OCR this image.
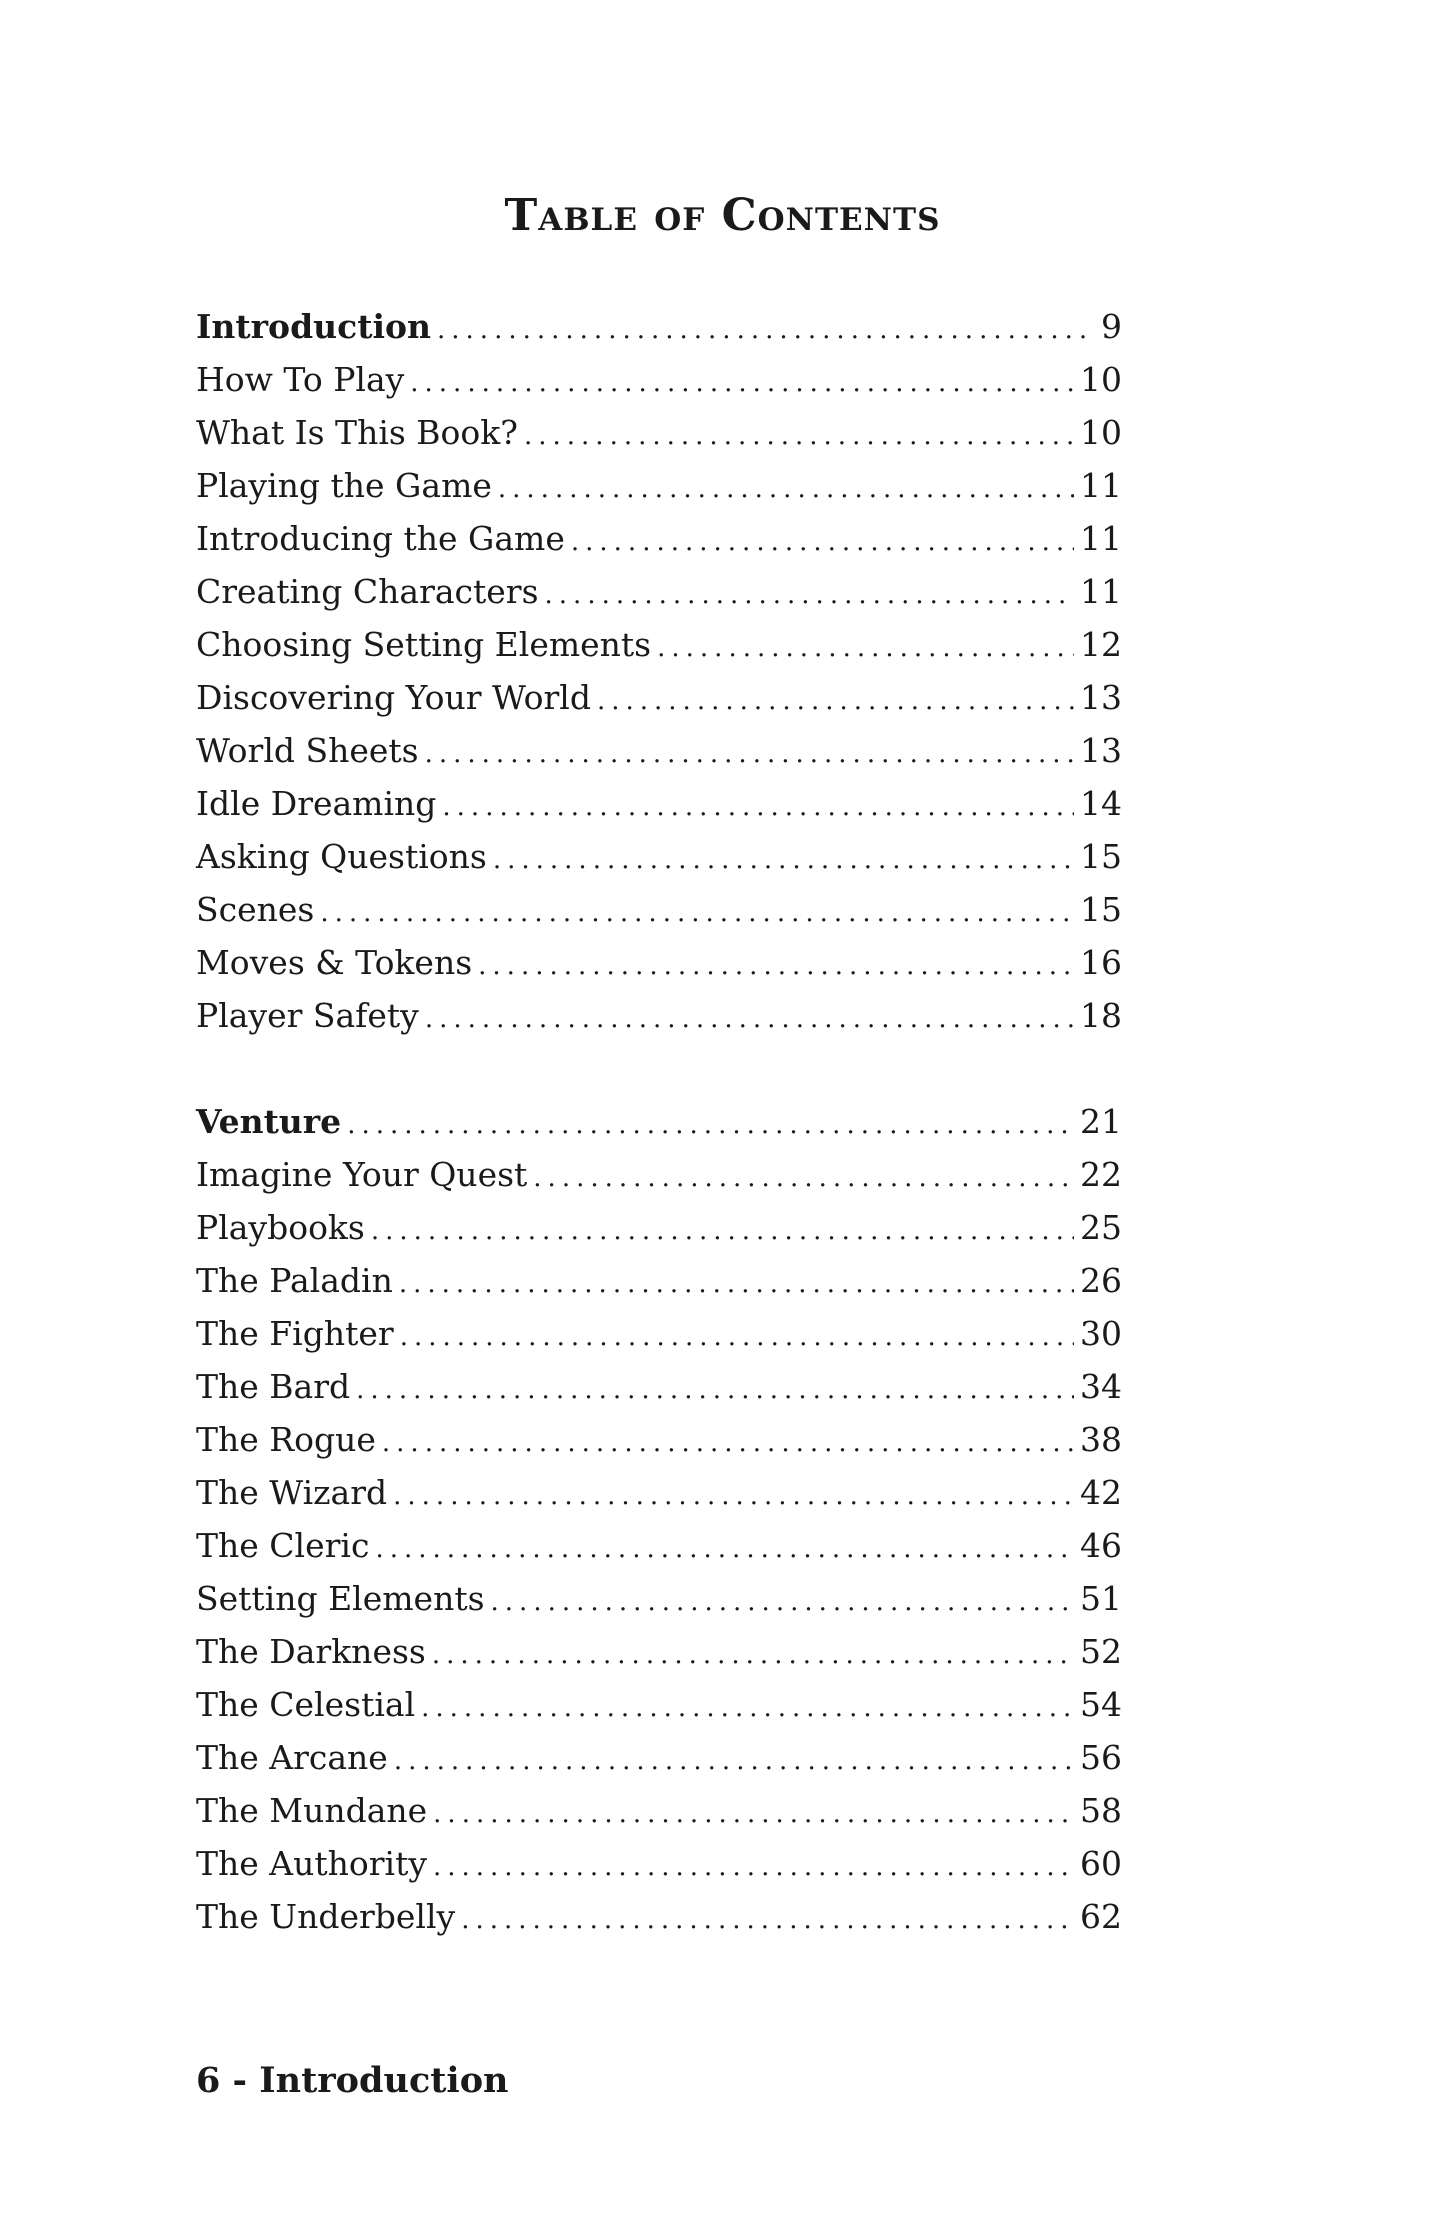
Table of Contents
Introduction .....	9
How To Play .....	10
What Is This Book? .....	10
Playing the Game .....	11
Introducing the Game .....	11
Creating Characters .....	11
Choosing Setting Elements .....	12
Discovering Your World .....	13
World Sheets .....	13
Idle Dreaming .....	14
Asking Questions .....	15
Scenes .....	15
Moves & Tokens .....	16
Player Safety .....	18
Venture .....	21
Imagine Your Quest .....	22
Playbooks .....	25
The Paladin .....	26
The Fighter .....	30
The Bard .....	34
The Rogue .....	38
The Wizard .....	42
The Cleric .....	46
Setting Elements .....	51
The Darkness .....	52
The Celestial .....	54
The Arcane .....	56
The Mundane .....	58
The Authority .....	60
The Underbelly .....	62
6 - Introduction
